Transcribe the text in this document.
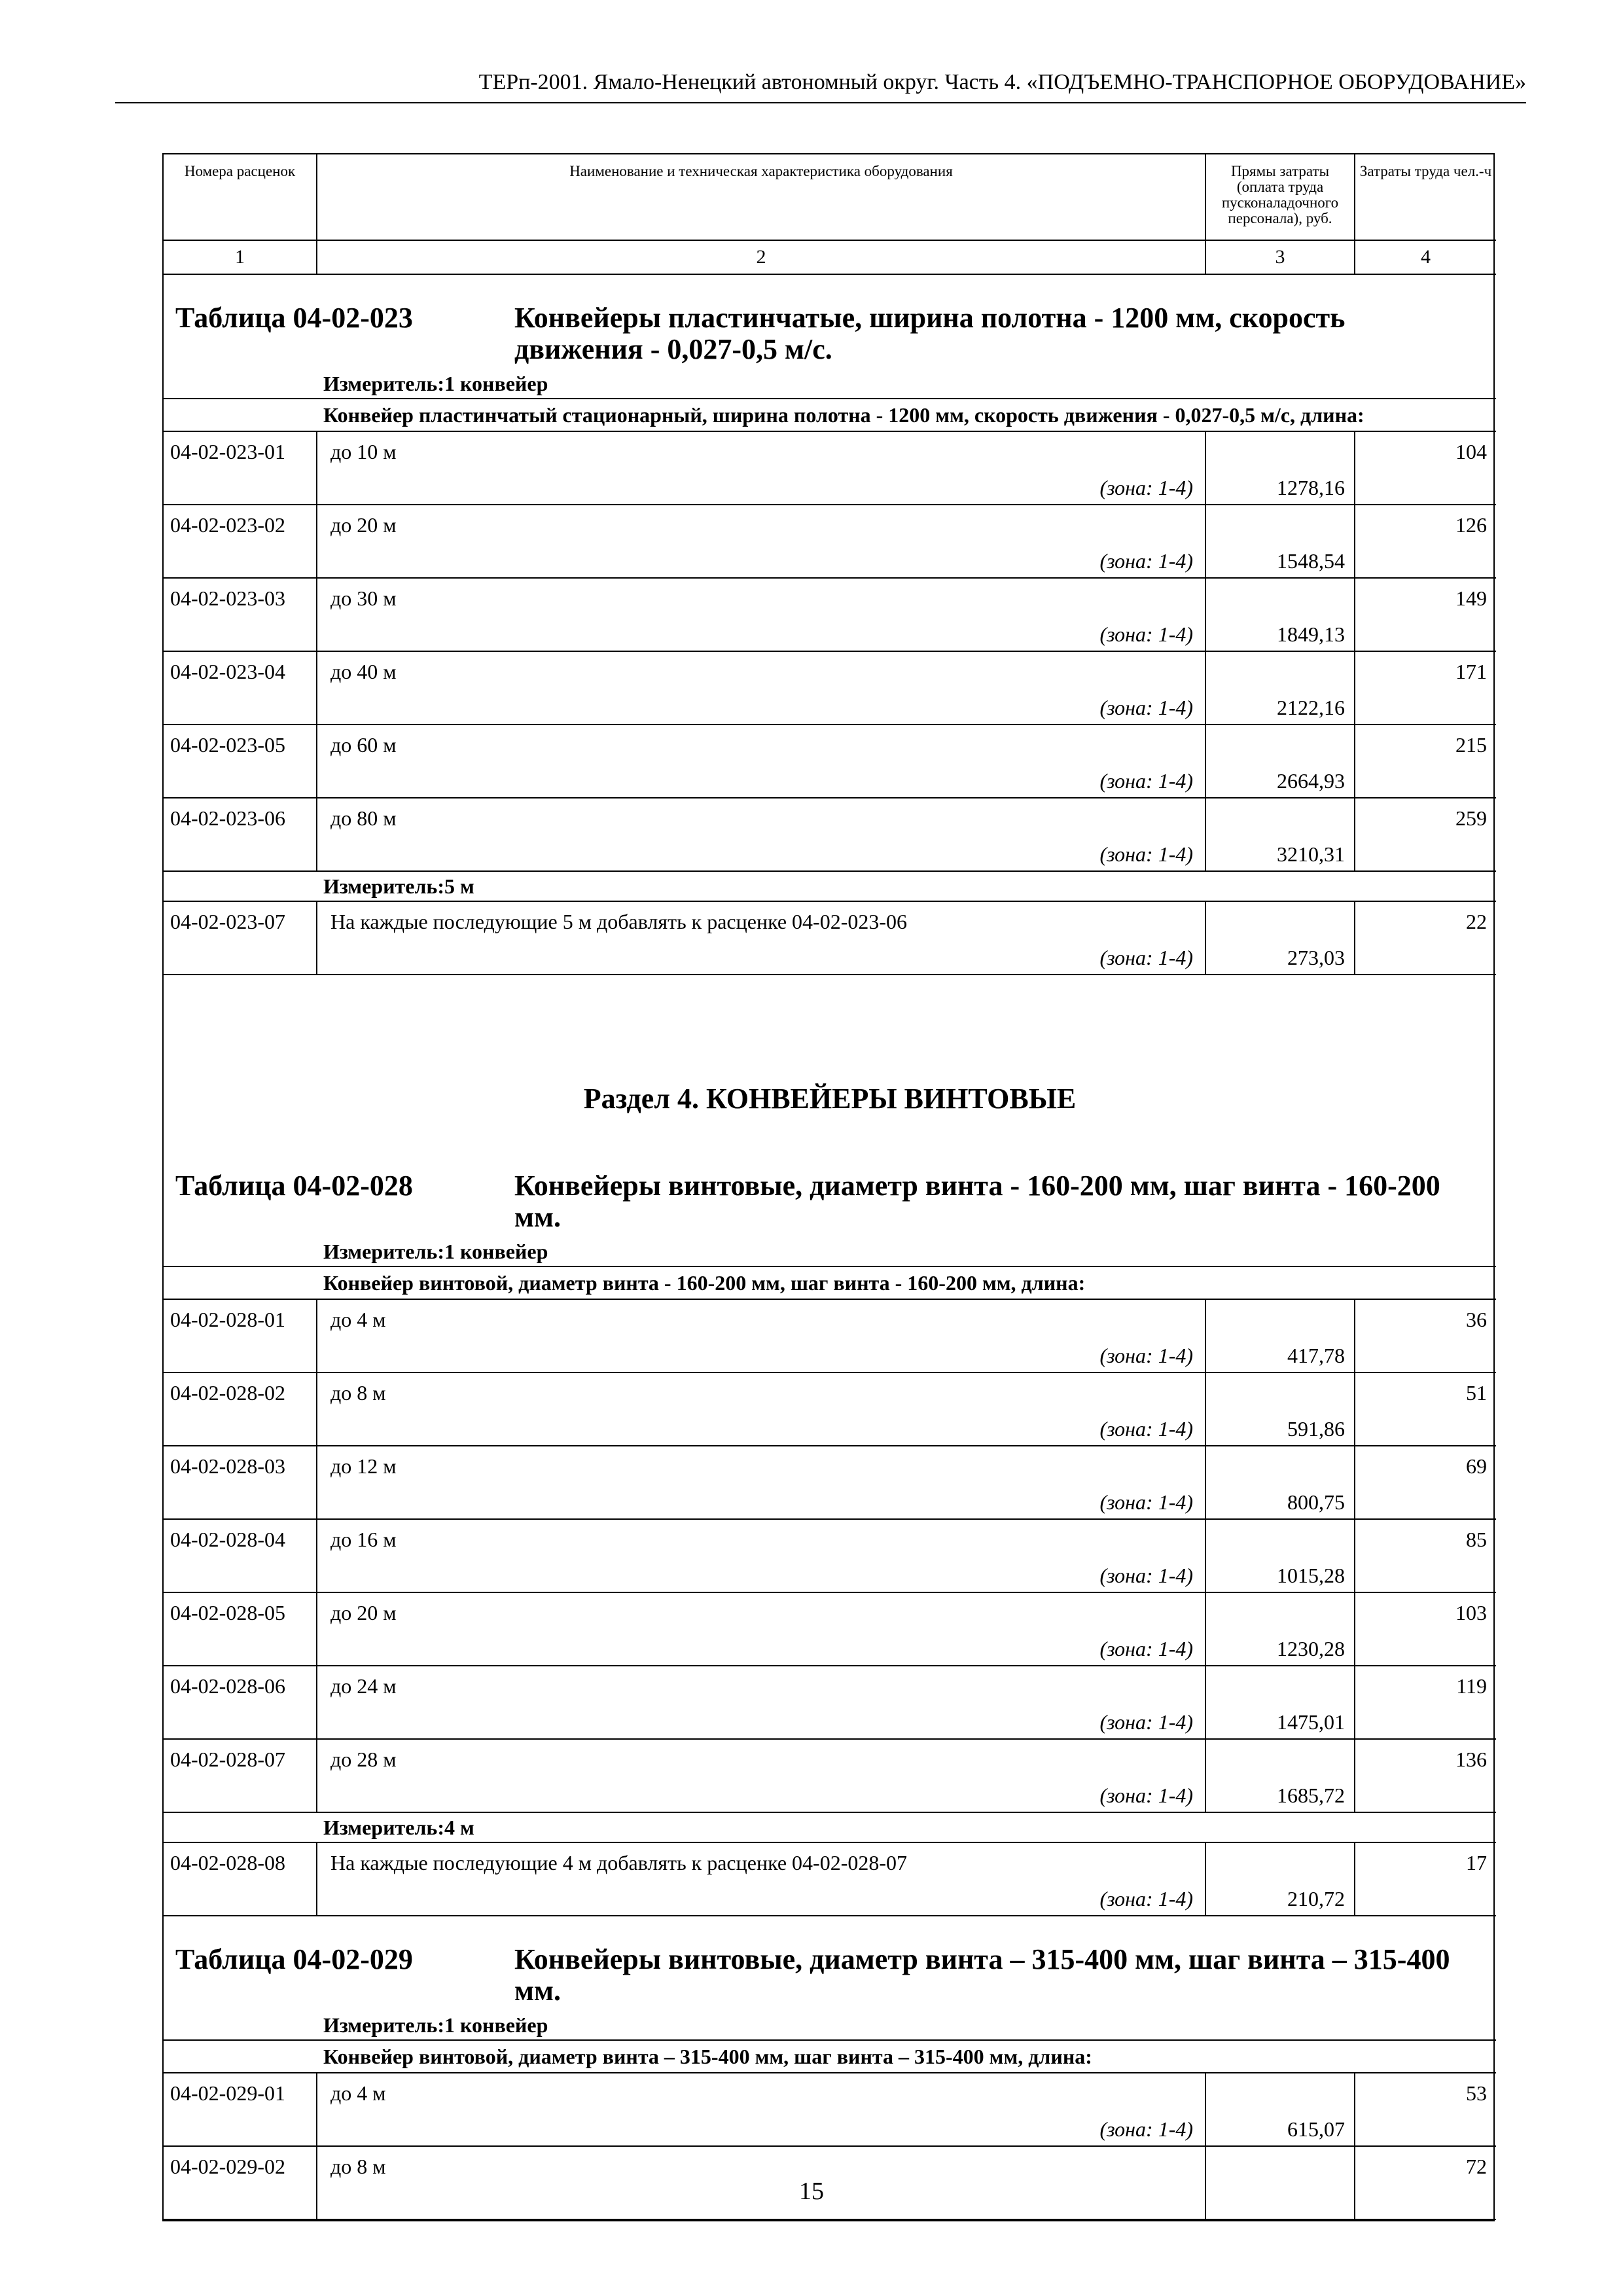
ТЕРп-2001. Ямало-Ненецкий автономный округ. Часть 4. «ПОДЪЕМНО-ТРАНСПОРНОЕ ОБОРУДОВАНИЕ»
Номера расценок	Наименование и техническая характеристика оборудования	Прямы затраты (оплата труда пусконаладочного персонала), руб.	Затраты труда чел.-ч
1	2	3	4

Таблица 04-02-023 Конвейеры пластинчатые, ширина полотна - 1200 мм, скорость движения - 0,027-0,5 м/с.			

Измеритель:1 конвейер			
Конвейер пластинчатый стационарный, ширина полотна - 1200 мм, скорость движения - 0,027-0,5 м/с, длина:			
04-02-023-01	до 10 м
(зона: 1-4)	1278,16	104
04-02-023-02	до 20 м
(зона: 1-4)	1548,54	126
04-02-023-03	до 30 м
(зона: 1-4)	1849,13	149
04-02-023-04	до 40 м
(зона: 1-4)	2122,16	171
04-02-023-05	до 60 м
(зона: 1-4)	2664,93	215
04-02-023-06	до 80 м
(зона: 1-4)	3210,31	259
Измеритель:5 м			
04-02-023-07	На каждые последующие 5 м добавлять к расценке 04-02-023-06
(зона: 1-4)	273,03	22
Раздел 4. КОНВЕЙЕРЫ ВИНТОВЫЕ			

Таблица 04-02-028 Конвейеры винтовые, диаметр винта - 160-200 мм, шаг винта - 160-200 мм.			

Измеритель:1 конвейер			
Конвейер винтовой, диаметр винта - 160-200 мм, шаг винта - 160-200 мм, длина:			
04-02-028-01	до 4 м
(зона: 1-4)	417,78	36
04-02-028-02	до 8 м
(зона: 1-4)	591,86	51
04-02-028-03	до 12 м
(зона: 1-4)	800,75	69
04-02-028-04	до 16 м
(зона: 1-4)	1015,28	85
04-02-028-05	до 20 м
(зона: 1-4)	1230,28	103
04-02-028-06	до 24 м
(зона: 1-4)	1475,01	119
04-02-028-07	до 28 м
(зона: 1-4)	1685,72	136
Измеритель:4 м			
04-02-028-08	На каждые последующие 4 м добавлять к расценке 04-02-028-07
(зона: 1-4)	210,72	17

Таблица 04-02-029 Конвейеры винтовые, диаметр винта – 315-400 мм, шаг винта – 315-400 мм.			

Измеритель:1 конвейер			
Конвейер винтовой, диаметр винта – 315-400 мм, шаг винта – 315-400 мм, длина:			
04-02-029-01	до 4 м
(зона: 1-4)	615,07	53
04-02-029-02	до 8 м		72
15
